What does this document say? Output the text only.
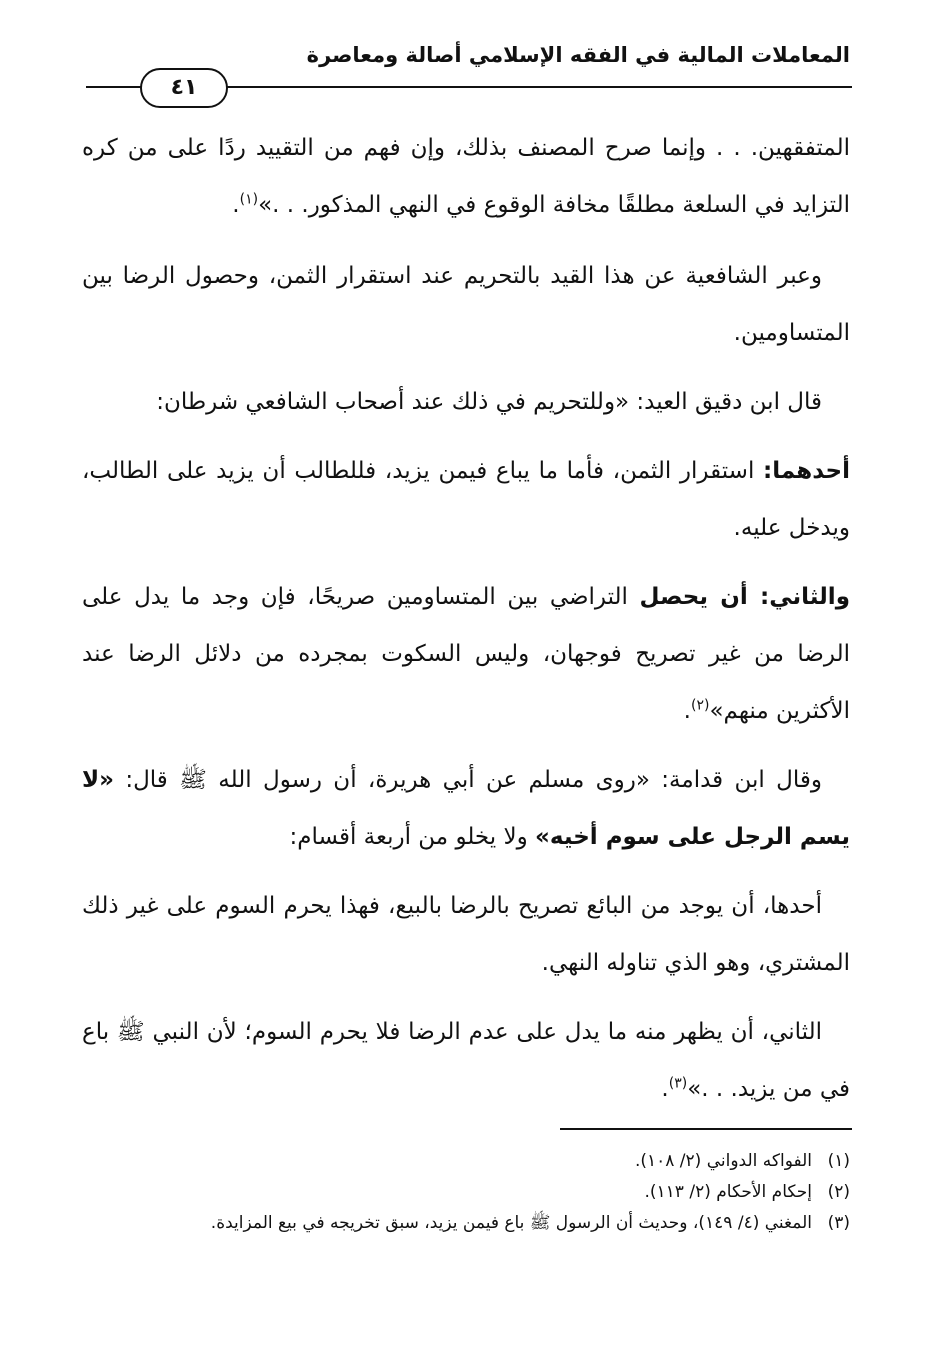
المعاملات المالية في الفقه الإسلامي أصالة ومعاصرة
٤١

المتفقهين. . . وإنما صرح المصنف بذلك، وإن فهم من التقييد ردًا على من كره التزايد في السلعة مطلقًا مخافة الوقوع في النهي المذكور. . .»$^{(١)}$.

وعبر الشافعية عن هذا القيد بالتحريم عند استقرار الثمن، وحصول الرضا بين المتساومين.

قال ابن دقيق العيد: «وللتحريم في ذلك عند أصحاب الشافعي شرطان:

أحدهما: استقرار الثمن، فأما ما يباع فيمن يزيد، فللطالب أن يزيد على الطالب، ويدخل عليه.

والثاني: أن يحصل التراضي بين المتساومين صريحًا، فإن وجد ما يدل على الرضا من غير تصريح فوجهان، وليس السكوت بمجرده من دلائل الرضا عند الأكثرين منهم»$^{(٢)}$.

وقال ابن قدامة: «روى مسلم عن أبي هريرة، أن رسول الله ﷺ قال: «لا يسم الرجل على سوم أخيه» ولا يخلو من أربعة أقسام:

أحدها، أن يوجد من البائع تصريح بالرضا بالبيع، فهذا يحرم السوم على غير ذلك المشتري، وهو الذي تناوله النهي.

الثاني، أن يظهر منه ما يدل على عدم الرضا فلا يحرم السوم؛ لأن النبي ﷺ باع في من يزيد. . .»$^{(٣)}$.

(١)
الفواكه الدواني (٢/ ١٠٨).
(٢)
إحكام الأحكام (٢/ ١١٣).
(٣)
المغني (٤/ ١٤٩)، وحديث أن الرسول ﷺ باع فيمن يزيد، سبق تخريجه في بيع المزايدة.
